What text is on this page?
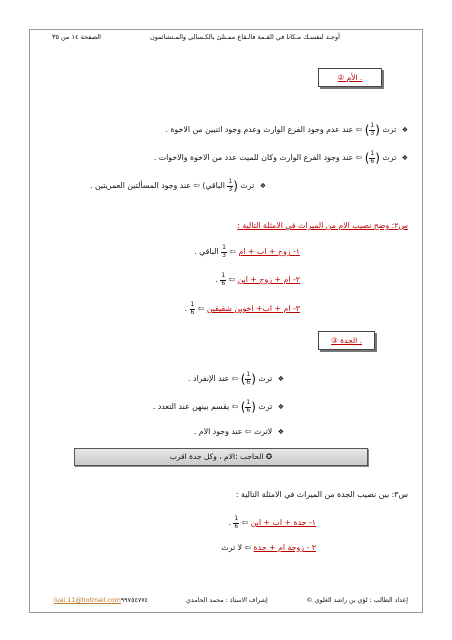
الصفحة ١٤ من ٣٥	أوجـد لنفسـك مـكانا في القـمة فالـقاع ممـتلئ بالكـسالى والمـتشائمون
② الأم .
❖ ترث (
$\frac{1}{3}$
) ⇦ عند عدم وجود الفرع الوارث وعدم وجود اثنيين من الاخوة .
❖ ترث (
$\frac{1}{6}$
) ⇦ عند وجود الفرع الوارث وكان للميت عدد من الاخوة والاخوات .
❖ ترث (
$\frac{1}{3}$
الباقي) ⇦ عند وجود المسألتين العمريتين .
س٢: وضح نصيب الام من الميراث في الامثلة التالية :
١- زوج + اب + ام ⇦
$\frac{1}{3}$
الباقي .
٢- ام + زوج + ابن ⇦
$\frac{1}{6}$
.
٣- ام + اب+ اخوين شقيقين ⇦
$\frac{1}{6}$
.
③ الجدة .
❖ ترث (
$\frac{1}{6}$
) ⇦ عند الإنفراد .
❖ ترث (
$\frac{1}{6}$
) ⇦ يقسم بينهن عند التعدد .
❖ لاترث ⇦ عند وجود الام .
✪ الحاجب :الام ، وكل جدة اقرب
س٣: بين نصيب الجدة من الميراث في الامثلة التالية :
١- جدة + اب + ابن ⇦
$\frac{1}{6}$
.
٢ - زوجة ام + جدة ⇦ لا ترث
إعداد الطالب : لؤي بن راشد العلوي ©
إشراف الاستاذ : محمد الحامدي
luai.11@hotmail.com٩٩٧٥٤٧٧٤
